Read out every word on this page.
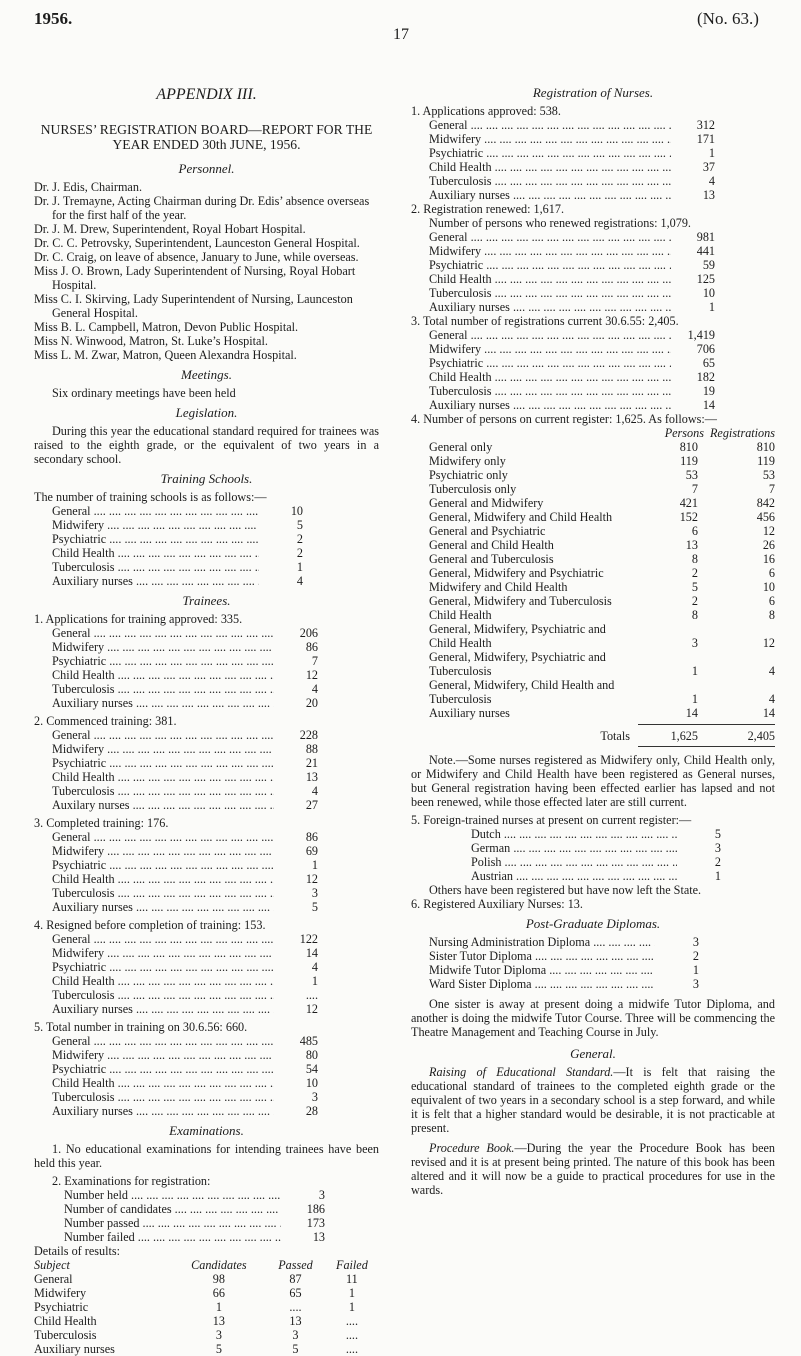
1956.	(No. 63.)
17

APPENDIX III.

NURSES’ REGISTRATION BOARD—REPORT FOR THE YEAR ENDED 30th JUNE, 1956.

Personnel.

Dr. J. Edis, Chairman.

Dr. J. Tremayne, Acting Chairman during Dr. Edis’ absence overseas for the first half of the year.

Dr. J. M. Drew, Superintendent, Royal Hobart Hospital.

Dr. C. C. Petrovsky, Superintendent, Launceston General Hospital.

Dr. C. Craig, on leave of absence, January to June, while overseas.

Miss J. O. Brown, Lady Superintendent of Nursing, Royal Hobart Hospital.

Miss C. I. Skirving, Lady Superintendent of Nursing, Launceston General Hospital.

Miss B. L. Campbell, Matron, Devon Public Hospital.

Miss N. Winwood, Matron, St. Luke’s Hospital.

Miss L. M. Zwar, Matron, Queen Alexandra Hospital.

Meetings.

Six ordinary meetings have been held

Legislation.

During this year the educational standard required for trainees was raised to the eighth grade, or the equivalent of two years in a secondary school.

Training Schools.

The number of training schools is as follows:—

General ....	10
Midwifery ....	5
Psychiatric ....	2
Child Health ....	2
Tuberculosis ....	1
Auxiliary nurses ....	4

Trainees.

1. Applications for training approved: 335.

General ....	206
Midwifery ....	86
Psychiatric ....	7
Child Health ....	12
Tuberculosis ....	4
Auxiliary nurses ....	20

2. Commenced training: 381.

General ....	228
Midwifery ....	88
Psychiatric ....	21
Child Health ....	13
Tuberculosis ....	4
Auxilary nurses ....	27

3. Completed training: 176.

General ....	86
Midwifery ....	69
Psychiatric ....	1
Child Health ....	12
Tuberculosis ....	3
Auxiliary nurses ....	5

4. Resigned before completion of training: 153.

General ....	122
Midwifery ....	14
Psychiatric ....	4
Child Health ....	1
Tuberculosis ....	....
Auxiliary nurses ....	12

5. Total number in training on 30.6.56: 660.

General ....	485
Midwifery ....	80
Psychiatric ....	54
Child Health ....	10
Tuberculosis ....	3
Auxiliary nurses ....	28

Examinations.

1. No educational examinations for intending trainees have been held this year.

2. Examinations for registration:

Number held ....	3
Number of candidates ....	186
Number passed ....	173
Number failed ....	13

Details of results:

Subject	Candidates	Passed	Failed
General	98	87	11
Midwifery	66	65	1
Psychiatric	1	....	1
Child Health	13	13	....
Tuberculosis	3	3	....
Auxiliary nurses	5	5	....

Registration of Nurses.

1. Applications approved: 538.

General ....	312
Midwifery ....	171
Psychiatric ....	1
Child Health ....	37
Tuberculosis ....	4
Auxiliary nurses ....	13

2. Registration renewed: 1,617.

Number of persons who renewed registrations: 1,079.

General ....	981
Midwifery ....	441
Psychiatric ....	59
Child Health ....	125
Tuberculosis ....	10
Auxiliary nurses ....	1

3. Total number of registrations current 30.6.55: 2,405.

General ....	1,419
Midwifery ....	706
Psychiatric ....	65
Child Health ....	182
Tuberculosis ....	19
Auxiliary nurses ....	14

4. Number of persons on current register: 1,625. As follows:—

	Persons	Registrations
General only	810	810
Midwifery only	119	119
Psychiatric only	53	53
Tuberculosis only	7	7
General and Midwifery	421	842
General, Midwifery and Child Health	152	456
General and Psychiatric	6	12
General and Child Health	13	26
General and Tuberculosis	8	16
General, Midwifery and Psychiatric	2	6
Midwifery and Child Health	5	10
General, Midwifery and Tuberculosis	2	6
Child Health	8	8
General, Midwifery, Psychiatric and Child Health	3	12
General, Midwifery, Psychiatric and Tuberculosis	1	4
General, Midwifery, Child Health and Tuberculosis	1	4
Auxiliary nurses	14	14

Totals	1,625	2,405

Note.—Some nurses registered as Midwifery only, Child Health only, or Midwifery and Child Health have been registered as General nurses, but General registration having been effected earlier has lapsed and not been renewed, while those effected later are still current.

5. Foreign-trained nurses at present on current register:—

Dutch ....	5
German ....	3
Polish ....	2
Austrian ....	1

Others have been registered but have now left the State.

6. Registered Auxiliary Nurses: 13.

Post-Graduate Diplomas.

Nursing Administration Diploma ....	3
Sister Tutor Diploma ....	2
Midwife Tutor Diploma ....	1
Ward Sister Diploma ....	3

One sister is away at present doing a midwife Tutor Diploma, and another is doing the midwife Tutor Course. Three will be commencing the Theatre Management and Teaching Course in July.

General.

Raising of Educational Standard.—It is felt that raising the educational standard of trainees to the completed eighth grade or the equivalent of two years in a secondary school is a step forward, and while it is felt that a higher standard would be desirable, it is not practicable at present.

Procedure Book.—During the year the Procedure Book has been revised and it is at present being printed. The nature of this book has been altered and it will now be a guide to practical procedures for use in the wards.
